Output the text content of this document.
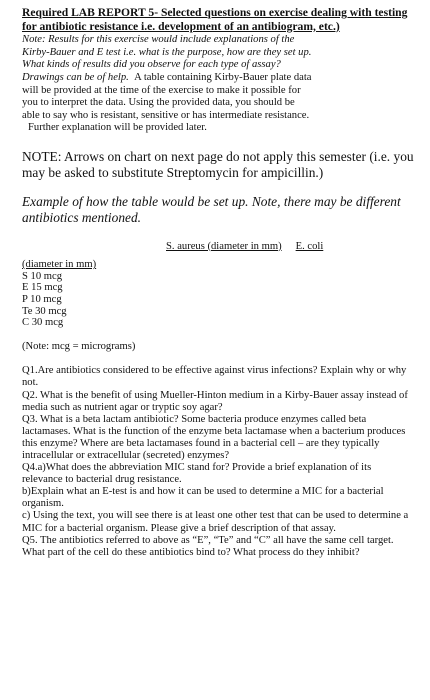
Required LAB REPORT 5- Selected questions on exercise dealing with testing for antibiotic resistance i.e. development of an antibiogram, etc.)

Note: Results for this exercise would include explanations of the
Kirby-Bauer and E test i.e. what is the purpose, how are they set up.
What kinds of results did you observe for each type of assay?
Drawings can be of help. A table containing Kirby-Bauer plate data
will be provided at the time of the exercise to make it possible for
you to interpret the data. Using the provided data, you should be
able to say who is resistant, sensitive or has intermediate resistance.
Further explanation will be provided later.

NOTE: Arrows on chart on next page do not apply this semester (i.e. you may be asked to substitute Streptomycin for ampicillin.)

Example of how the table would be set up. Note, there may be different antibiotics mentioned.

S. aureus (diameter in mm) E. coli

(diameter in mm)
S 10 mcg
E 15 mcg
P 10 mcg
Te 30 mcg
C 30 mcg

(Note: mcg = micrograms)

Q1.Are antibiotics considered to be effective against virus infections? Explain why or why not.
Q2. What is the benefit of using Mueller-Hinton medium in a Kirby-Bauer assay instead of media such as nutrient agar or tryptic soy agar?
Q3. What is a beta lactam antibiotic? Some bacteria produce enzymes called beta lactamases. What is the function of the enzyme beta lactamase when a bacterium produces this enzyme? Where are beta lactamases found in a bacterial cell – are they typically intracellular or extracellular (secreted) enzymes?
Q4.a)What does the abbreviation MIC stand for? Provide a brief explanation of its relevance to bacterial drug resistance.
b)Explain what an E-test is and how it can be used to determine a MIC for a bacterial organism.
c) Using the text, you will see there is at least one other test that can be used to determine a MIC for a bacterial organism. Please give a brief description of that assay.
Q5. The antibiotics referred to above as “E”, “Te” and “C” all have the same cell target. What part of the cell do these antibiotics bind to? What process do they inhibit?
